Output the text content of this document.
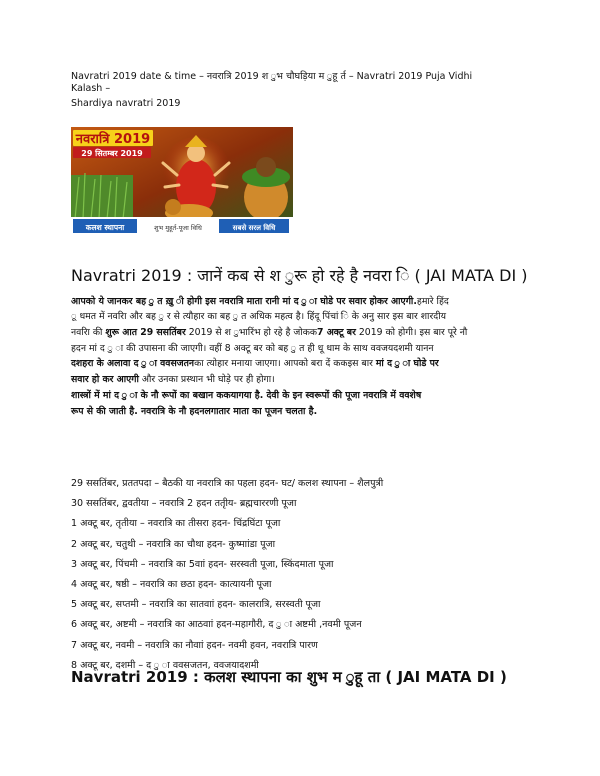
Navratri 2019 date & time – नवरात्रि 2019 श ुभ चौघड़िया म ुहू र्त – Navratri 2019 Puja Vidhi
Kalash –
Shardiya navratri 2019
नवरात्रि 2019
29 सितम्बर 2019
कलश स्थापना	शुभ मुहूर्त-पूजा विधि	सबसे सरल विधि
Navratri 2019 : जानें कब से श ुरू हो रहे है नवरा ि ( JAI MATA DI )
आपको ये जानकर बह ु त ख़ु ी होगी इस नवरात्रि माता रानी मां द ु ा घोडे पर सवार होकर आएगी.हमारे हिंद
ू धमत में नवराि और बह ु र से त्यौहार का बह ु त अधिक महत्व है। हिंदू पिंचां ि के अनु सार इस बार शारदीय
नवराि की शुरू आत 29 ससतिंबर 2019 से श ुभारिंभ हो रहे है जोकक7 अक्टू बर 2019 को होगी। इस बार पूरे नौ
हदन मां द ु ा की उपासना की जाएगी। वहीं 8 अक्टू बर को बह ु त ही धू धाम के साथ ववजयदशमी यानन
दशहरा के अलावा द ु ा ववसजतनका त्योहार मनाया जाएगा। आपको बरा दें ककइस बार मां द ु ा घोडे पर
सवार हो कर आएगी और उनका प्रस्थान भी घोड़े पर ही होगा।
शास्त्रों में मां द ु ा के नौ रूपों का बखान ककयागया है. देवी के इन स्वरूपों की पूजा नवरात्रि में ववशेष
रूप से की जाती है. नवरात्रि के नौ हदनलगातार माता का पूजन चलता है.
29 ससतिंबर, प्रततपदा – बैठकी या नवरात्रि का पहला हदन- घट/ कलश स्थापना – शैलपुत्री
30 ससतिंबर, द्ववतीया – नवरात्रि 2 हदन ततृीय- ब्रह्मचाररणी पूजा
1 अक्टू बर, तृतीया – नवरात्रि का तीसरा हदन- चिंद्रघिंटा पूजा
2 अक्टू बर, चतुथी – नवरात्रि का चौथा हदन- कुष्माांडा पूजा
3 अक्टू बर, पिंचमी – नवरात्रि का 5वाां हदन- सरस्वती पूजा, स्किंदमाता पूजा
4 अक्टू बर, षष्ठी – नवरात्रि का छठा हदन- कात्यायनी पूजा
5 अक्टू बर, सप्तमी – नवरात्रि का सातवाां हदन- कालरात्रि, सरस्वती पूजा
6 अक्टू बर, अष्टमी – नवरात्रि का आठवाां हदन-महागौरी, द ु ा अष्टमी ,नवमी पूजन
7 अक्टू बर, नवमी – नवरात्रि का नौवाां हदन- नवमी हवन, नवरात्रि पारण
8 अक्टू बर, दशमी – द ु ा ववसजतन, ववजयादशमी
Navratri 2019 : कलश स्थापना का शुभ म ुहू ता ( JAI MATA DI )
